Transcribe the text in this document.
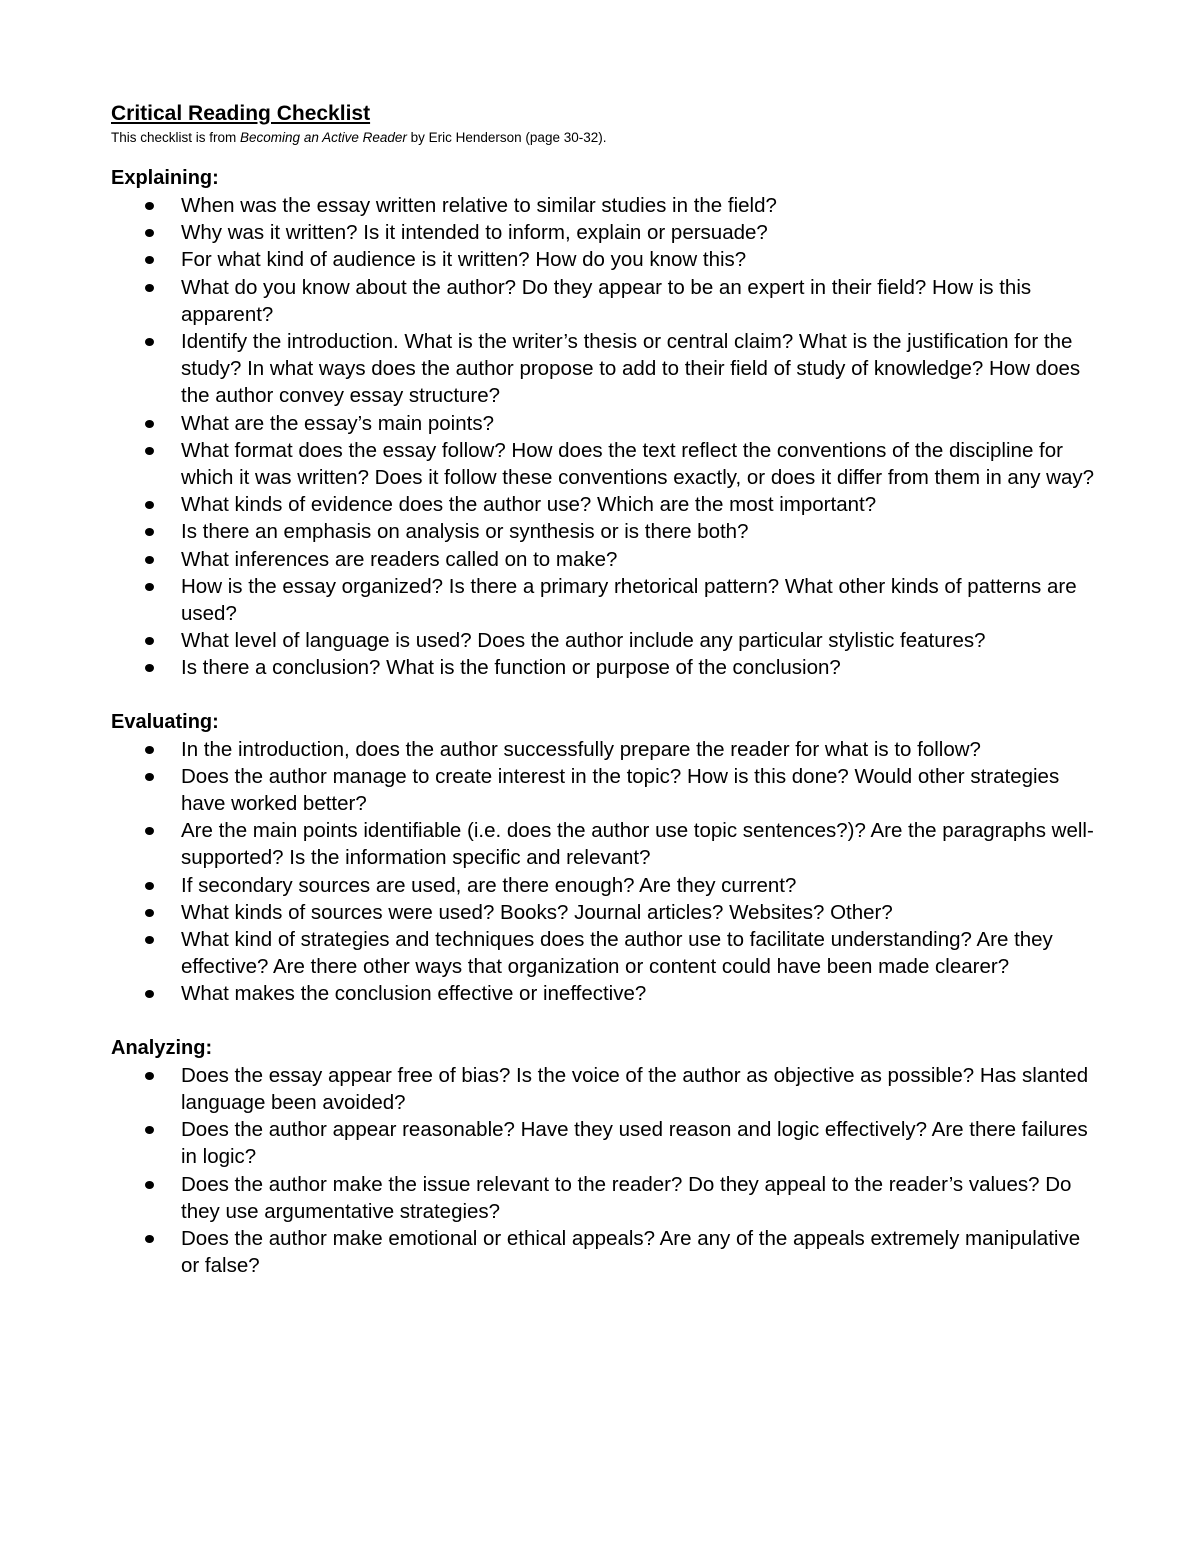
Critical Reading Checklist

This checklist is from Becoming an Active Reader by Eric Henderson (page 30-32).

Explaining:
When was the essay written relative to similar studies in the field?
Why was it written? Is it intended to inform, explain or persuade?
For what kind of audience is it written? How do you know this?
What do you know about the author? Do they appear to be an expert in their field? How is this apparent?
Identify the introduction. What is the writer’s thesis or central claim? What is the justification for the study? In what ways does the author propose to add to their field of study of knowledge? How does the author convey essay structure?
What are the essay’s main points?
What format does the essay follow? How does the text reflect the conventions of the discipline for which it was written? Does it follow these conventions exactly, or does it differ from them in any way?
What kinds of evidence does the author use? Which are the most important?
Is there an emphasis on analysis or synthesis or is there both?
What inferences are readers called on to make?
How is the essay organized? Is there a primary rhetorical pattern? What other kinds of patterns are used?
What level of language is used? Does the author include any particular stylistic features?
Is there a conclusion? What is the function or purpose of the conclusion?
Evaluating:
In the introduction, does the author successfully prepare the reader for what is to follow?
Does the author manage to create interest in the topic? How is this done? Would other strategies have worked better?
Are the main points identifiable (i.e. does the author use topic sentences?)? Are the paragraphs well-supported? Is the information specific and relevant?
If secondary sources are used, are there enough? Are they current?
What kinds of sources were used? Books? Journal articles? Websites? Other?
What kind of strategies and techniques does the author use to facilitate understanding? Are they effective? Are there other ways that organization or content could have been made clearer?
What makes the conclusion effective or ineffective?
Analyzing:
Does the essay appear free of bias? Is the voice of the author as objective as possible? Has slanted language been avoided?
Does the author appear reasonable? Have they used reason and logic effectively? Are there failures in logic?
Does the author make the issue relevant to the reader? Do they appeal to the reader’s values? Do they use argumentative strategies?
Does the author make emotional or ethical appeals? Are any of the appeals extremely manipulative or false?
